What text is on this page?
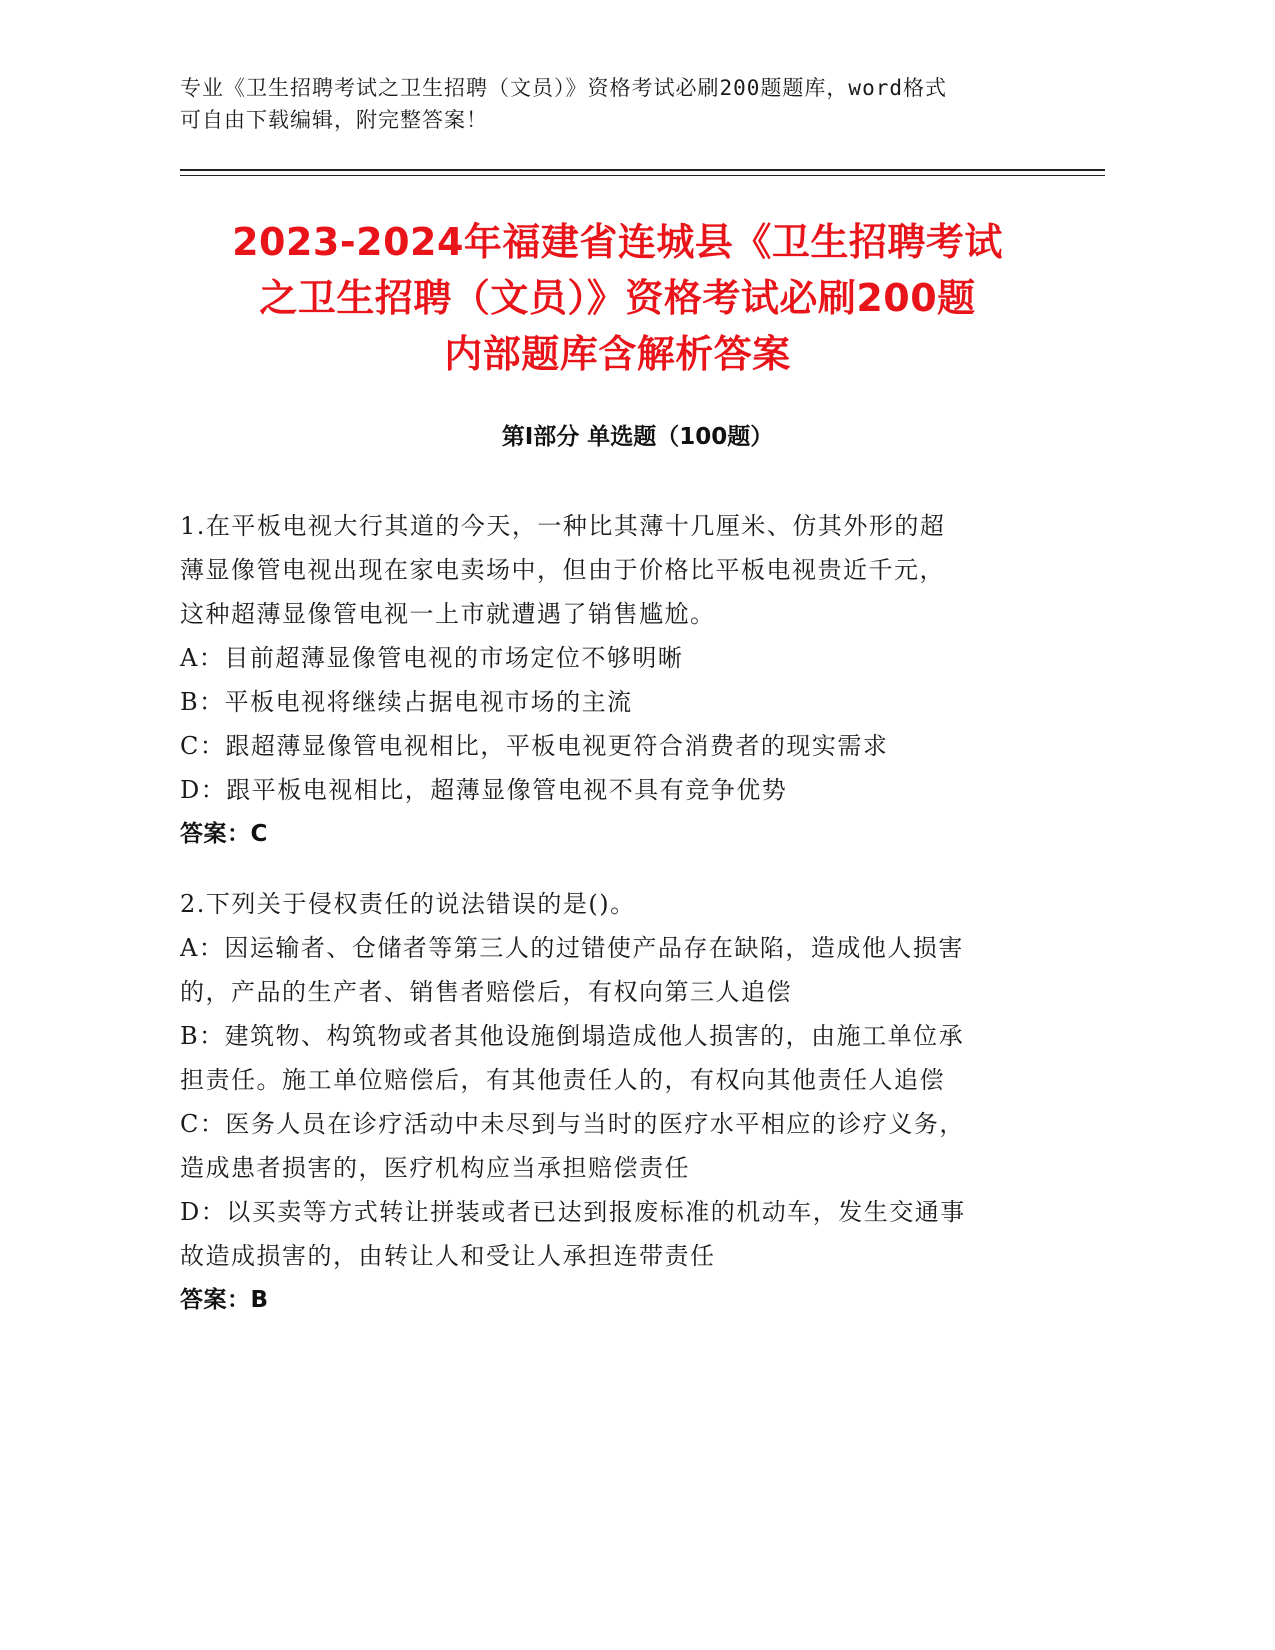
专业《卫生招聘考试之卫生招聘（文员）》资格考试必刷200题题库，word格式
可自由下载编辑，附完整答案！
2023-2024年福建省连城县《卫生招聘考试
之卫生招聘（文员）》资格考试必刷200题
内部题库含解析答案
第Ⅰ部分 单选题（100题）

1.在平板电视大行其道的今天，一种比其薄十几厘米、仿其外形的超

薄显像管电视出现在家电卖场中，但由于价格比平板电视贵近千元，

这种超薄显像管电视一上市就遭遇了销售尴尬。

A：目前超薄显像管电视的市场定位不够明晰

B：平板电视将继续占据电视市场的主流

C：跟超薄显像管电视相比，平板电视更符合消费者的现实需求

D：跟平板电视相比，超薄显像管电视不具有竞争优势

答案：C

2.下列关于侵权责任的说法错误的是()。

A：因运输者、仓储者等第三人的过错使产品存在缺陷，造成他人损害

的，产品的生产者、销售者赔偿后，有权向第三人追偿

B：建筑物、构筑物或者其他设施倒塌造成他人损害的，由施工单位承

担责任。施工单位赔偿后，有其他责任人的，有权向其他责任人追偿

C：医务人员在诊疗活动中未尽到与当时的医疗水平相应的诊疗义务，

造成患者损害的，医疗机构应当承担赔偿责任

D：以买卖等方式转让拼装或者已达到报废标准的机动车，发生交通事

故造成损害的，由转让人和受让人承担连带责任

答案：B
